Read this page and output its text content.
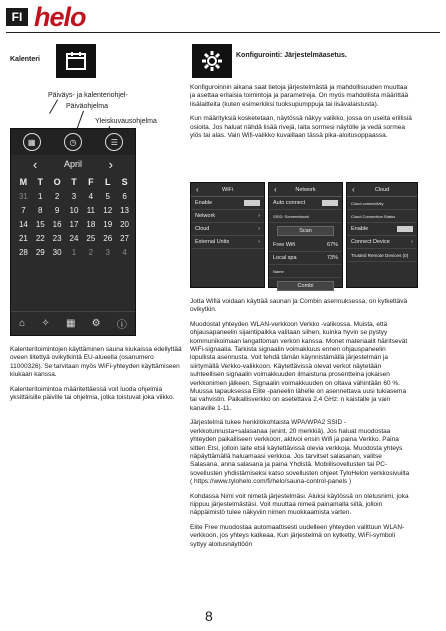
FI helo
Kalenteri
Päiväys- ja kalenteriohjel-
Päiväohjelma
Yleiskuvausohjelma
▦	◷	☰
‹	April ›
M	T	O	T	F	L	S
31	1	2	3	4	5	6
7	8	9	10	11	12 13
14 15 16 17 18 19 20
21 22 23 24 25 26 27
28 29 30	1	2	3	4
⌂ ✧ ▦ ⚙ ⓘ

Kalenteritoimintojen käyttäminen sauna kiukaissa edellyttää oveen liitettyä ovikytkintä EU-alueella (osanumero 11000326). Se tarvitaan myös WiFi-yhteyden käyttämiseen kiukaan kanssa.

Kalenteritoimintoa määritettäessä voit luoda ohjelmia yksittäisille päiville tai ohjelmia, jotka toistuvat joka viikko.

Konfigurointi: Järjestelmäasetus.

Konfiguroinnin aikana saat tietoja järjestelmästä ja mahdollisuuden muuttaa ja asettaa erilaisia toimintoja ja parametreja. On myös mahdollista määrittää lisälaitteita (kuten esimerkiksi tuoksupumppuja tai lisävalaistusta).

Kun määrityksiä kosketetaan, näytössä näkyy valikko, jossa on useita erillisiä osioita. Jos haluat nähdä lisää rivejä, laita sormesi näytölle ja vedä sormea ylös tai alas. Vain Wifi-valikko kuvaillaan tässä pika-aloitusoppaassa.

‹	WiFi
Enable
Network	›
Cloud	›
External Units	›
‹	Network
Auto connect
SSID: Somenetwork
Scan
Free Wifi	67%
Local spa	73%
Name
Combi
‹	Cloud
Cloud connectivity
Cloud Connection Status
Enable
Connect Device	›
Trusted Remote Devices (0)

Jotta Wifiä voidaan käyttää saunan ja Combin asennuksessa, on kytkettävä ovikytkin.

Muodostat yhteyden WLAN-verkkoon Verkko -valikossa. Muista, että ohjausapaneelin sijaintipaikka valitaan siihen, kuinka hyvin se pystyy kommunikoimaan langattoman verkon kanssa. Monet materiaalit häiritsevät WiFi-signaalia. Tarkista signaalin voimakkuus ennen ohjauspaneelin lopullista asennusta. Voit tehdä tämän käynnistämällä järjestelmän ja siirtymällä Verkko-valikkoon. Käytettävissä olevat verkot näytetään suhteellisen signaalin voimakkuuden ilmaistuna prosentteina jokaisen verkkonimen jälkeen. Signaalin voimakkuuden on oltava vähintään 60 %. Muussa tapauksessa Elite -paneelin lähelle on asennettava uusi tukiasema tai vahvistin. Paikallisverkko on asetettava 2,4 GHz: n kaistalle ja vain kanaville 1-11.

Järjestelmä tukee henkilökohtaista WPA/WPA2 SSID -verkkotunnusta+salasanaa (enint. 20 merkkiä). Jos haluat muodostaa yhteyden paikalliseen verkkoon, aktivoi ensin Wifi ja paina Verkko. Paina sitten Etsi, jolloin laite etsii käytettävissä olevia verkkoja. Muodosta yhteys näpäyttämällä haluamaasi verkkoa. Jos tarvitset salasanan, valitse Salasana, anna salasana ja paina Yhdistä. Mobiilisovellusten tai PC-sovellusten yhdistämiseksi katso sovellusten ohjeet TyloHelon verkkosivuilta ( https://www.tylohelo.com/fi/helo/sauna-control-panels )

Kohdassa Nimi voit nimetä järjestelmäsi. Aluksi käytössä on oletusnimi, joka riippuu järjestelmästäsi. Voit muuttaa nimeä painamalla siitä, jolloin näppäimistö tulee näkyviin nimen muokkaamista varten.

Elite Free muodostaa automaattisesti uudelleen yhteyden valittuun WLAN-verkkoon, jos yhteys katkeaa. Kun järjestelmä on kytketty, WiFi-symboli syttyy aloitusnäyttöön

8
